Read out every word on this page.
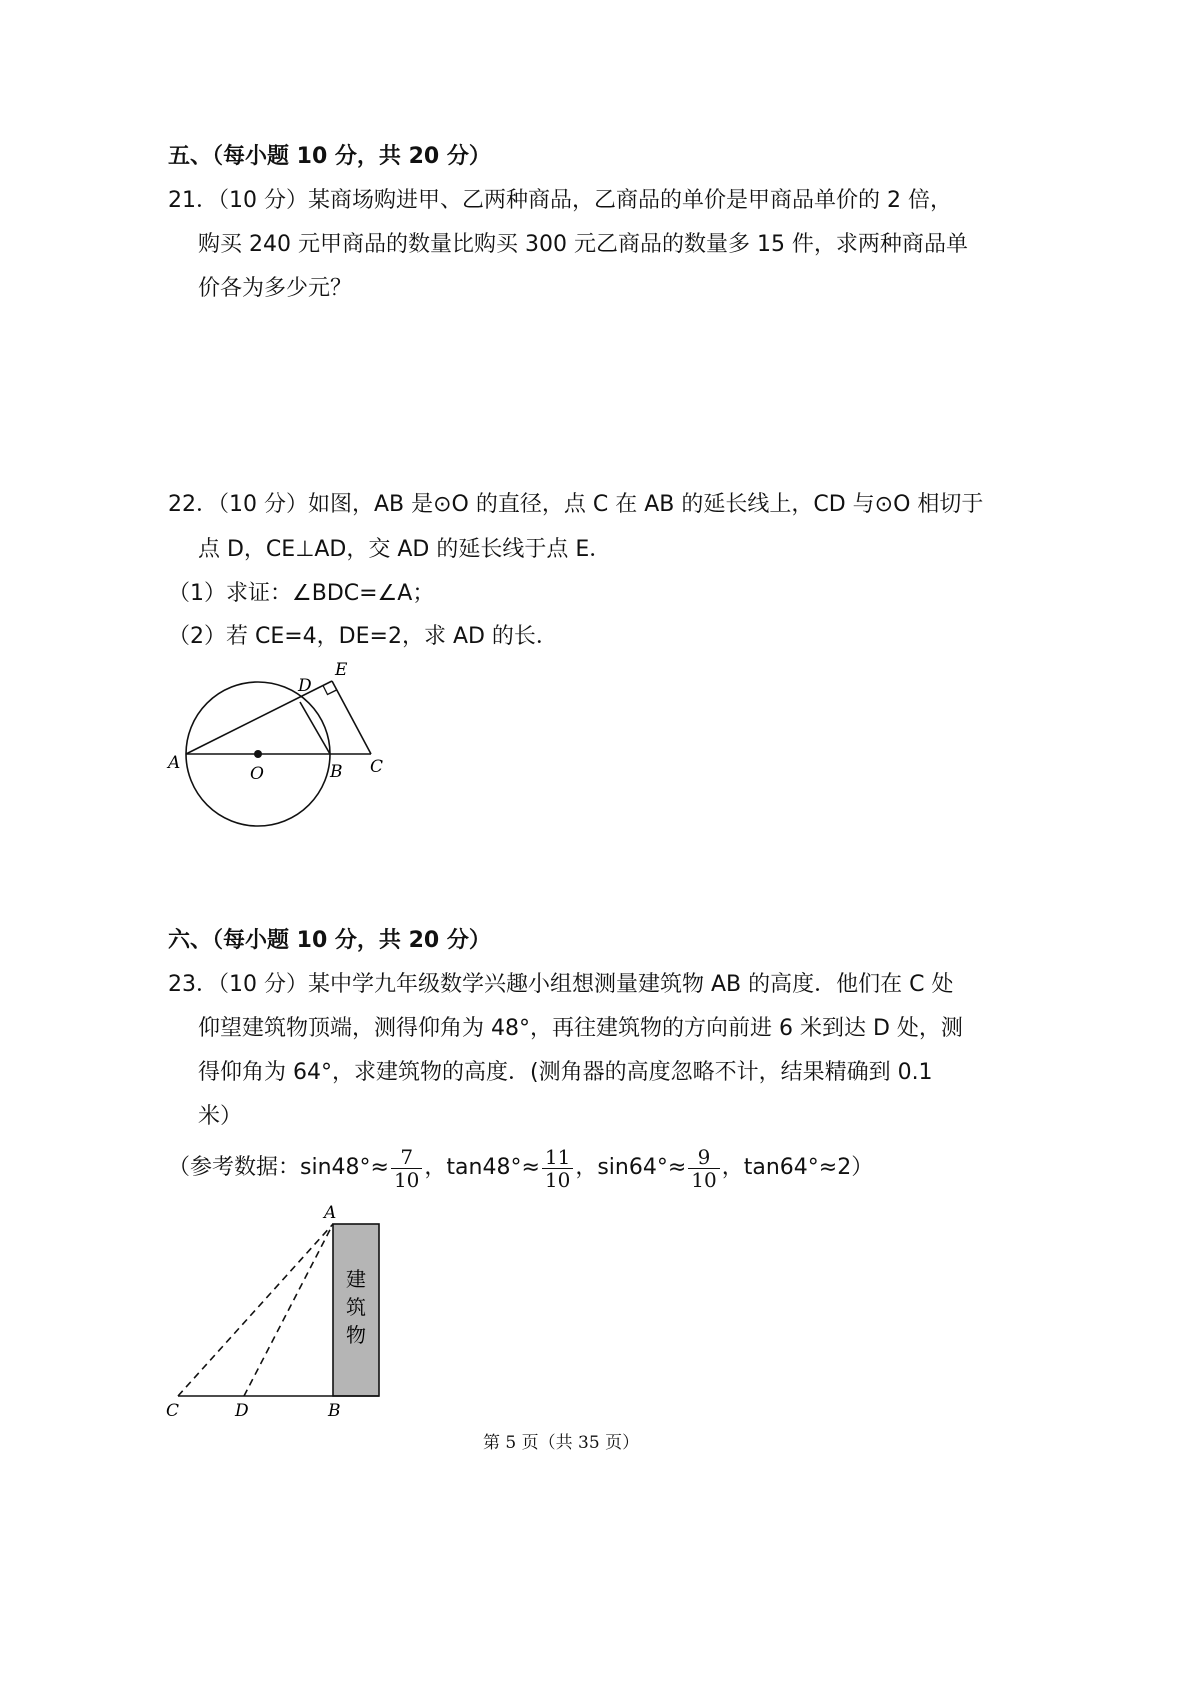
五、（每小题 10 分，共 20 分）
21．（10 分）某商场购进甲、乙两种商品，乙商品的单价是甲商品单价的 2 倍，
购买 240 元甲商品的数量比购买 300 元乙商品的数量多 15 件，求两种商品单
价各为多少元？
22．（10 分）如图，AB 是⊙O 的直径，点 C 在 AB 的延长线上，CD 与⊙O 相切于
点 D，CE⊥AD，交 AD 的延长线于点 E．
（1）求证：∠BDC=∠A；
（2）若 CE=4，DE=2，求 AD 的长．
A
O	B C
D
E
六、（每小题 10 分，共 20 分）
23．（10 分）某中学九年级数学兴趣小组想测量建筑物 AB 的高度．他们在 C 处
仰望建筑物顶端，测得仰角为 48°，再往建筑物的方向前进 6 米到达 D 处，测
得仰角为 64°，求建筑物的高度．(测角器的高度忽略不计，结果精确到 0.1
米）
（参考数据：$\sin 48^\circ\approx \frac{7}{10}$ ，$\tan 48^\circ\approx \frac{11}{10}$ ，$\sin 64^\circ\approx \frac{9}{10}$ ，tan64°≈2）
建
筑
物
A
C	D	B
第 5 页（共 35 页）
